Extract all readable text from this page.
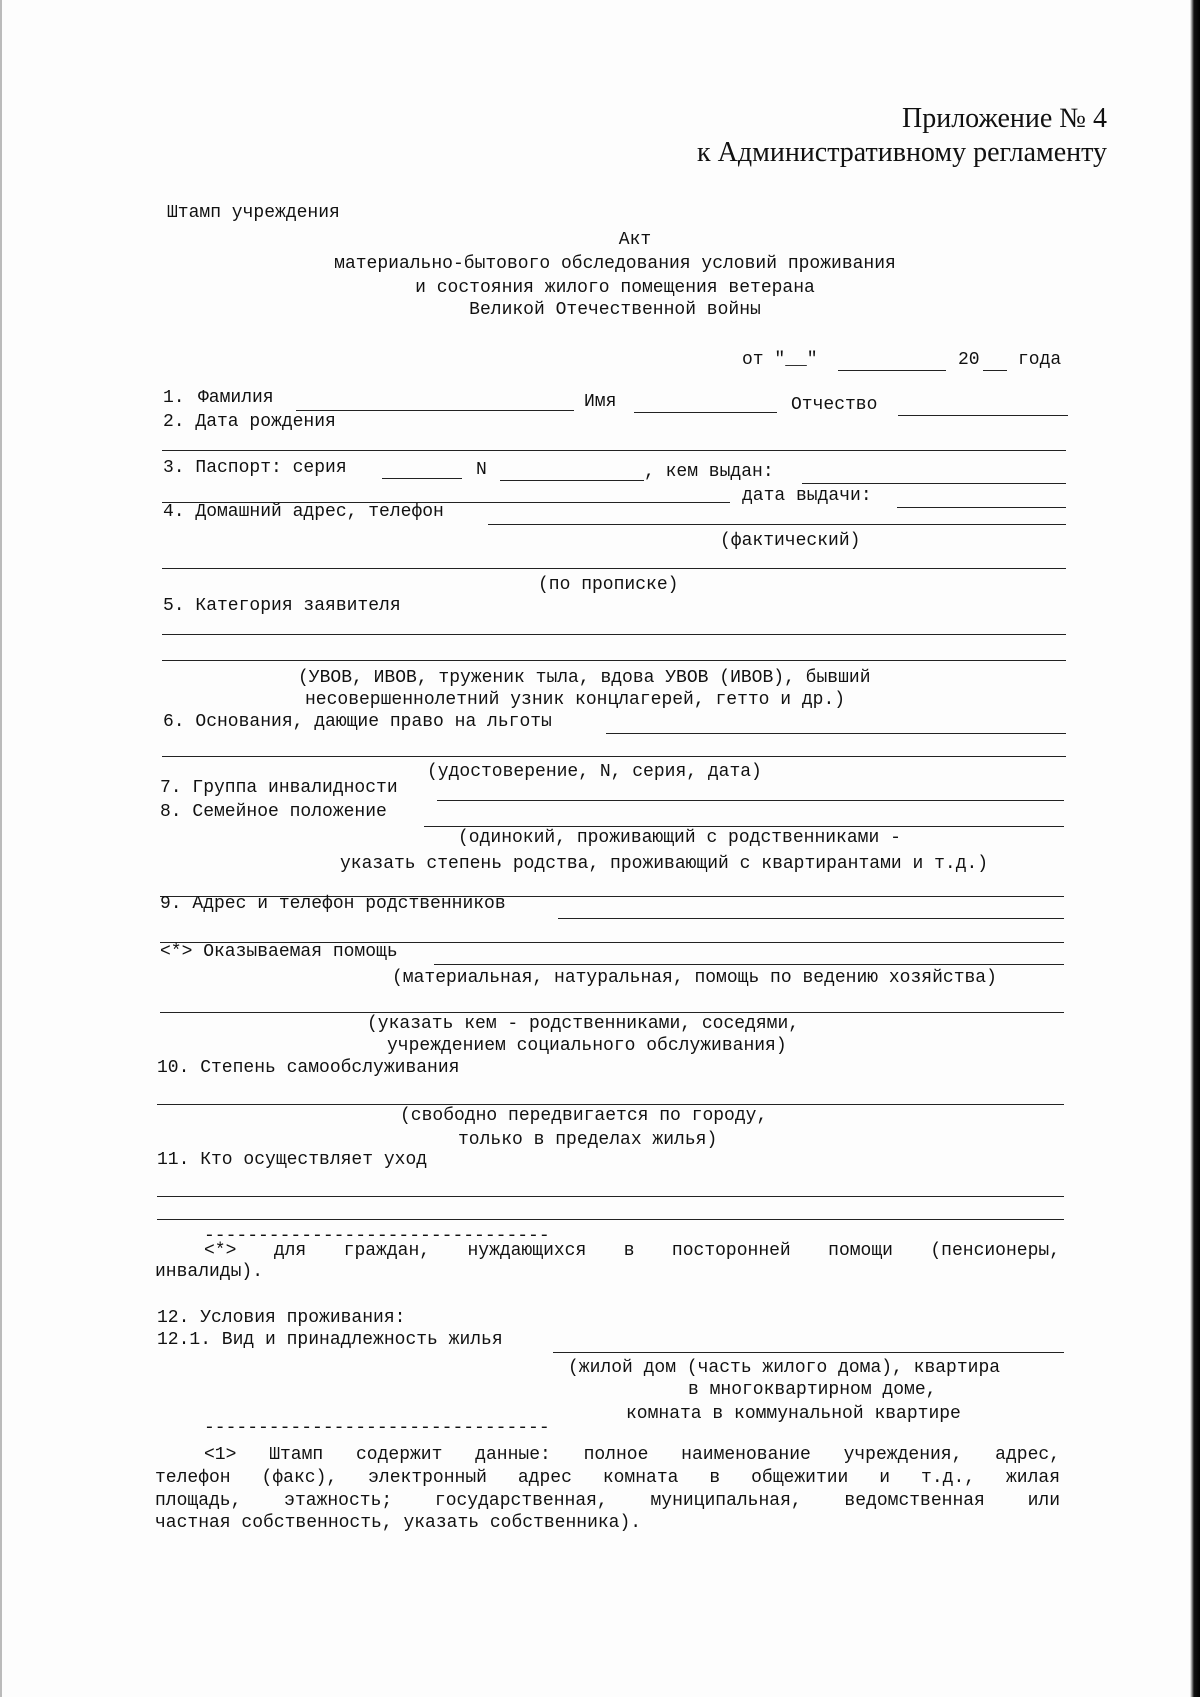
Приложение № 4
к Административному регламенту
Штамп учреждения
Акт
материально-бытового обследования условий проживания
и состояния жилого помещения ветерана
Великой Отечественной войны
от "__"	20 года
1. Фамилия	Имя	Отчество
2. Дата рождения
3. Паспорт: серия	N	, кем выдан:
дата выдачи:
4. Домашний адрес, телефон
(фактический)
(по прописке)
5. Категория заявителя
(УВОВ, ИВОВ, труженик тыла, вдова УВОВ (ИВОВ), бывший
несовершеннолетний узник концлагерей, гетто и др.)
6. Основания, дающие право на льготы
(удостоверение, N, серия, дата)
7. Группа инвалидности
8. Семейное положение
(одинокий, проживающий с родственниками -
указать степень родства, проживающий с квартирантами и т.д.)
9. Адрес и телефон родственников
<*> Оказываемая помощь
(материальная, натуральная, помощь по ведению хозяйства)
(указать кем - родственниками, соседями,
учреждением социального обслуживания)
10. Степень самообслуживания
(свободно передвигается по городу,
только в пределах жилья)
11. Кто осуществляет уход
--------------------------------
<*> для граждан, нуждающихся в посторонней помощи (пенсионеры,
инвалиды).
12. Условия проживания:
12.1. Вид и принадлежность жилья
(жилой дом (часть жилого дома), квартира
в многоквартирном доме,
комната в коммунальной квартире
--------------------------------
<1> Штамп содержит данные: полное наименование учреждения, адрес,
телефон (факс), электронный адрес комната в общежитии и т.д., жилая
площадь, этажность; государственная, муниципальная, ведомственная или
частная собственность, указать собственника).
